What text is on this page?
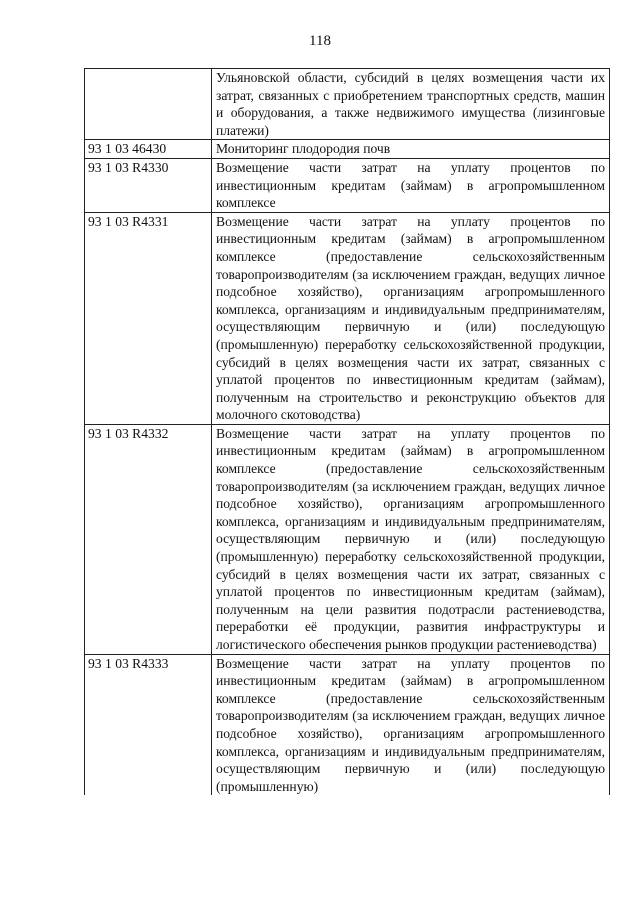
118
	Ульяновской области, субсидий в целях возмещения части их затрат, связанных с приобретением транспортных средств, машин и оборудования, а также недвижимого имущества (лизинговые платежи)
93 1 03 46430	Мониторинг плодородия почв
93 1 03 R4330	Возмещение части затрат на уплату процентов по инвестиционным кредитам (займам) в агропромышленном комплексе
93 1 03 R4331	Возмещение части затрат на уплату процентов по инвестиционным кредитам (займам) в агропромышленном комплексе (предоставление сельскохозяйственным товаропроизводителям (за исключением граждан, ведущих личное подсобное хозяйство), организациям агропромышленного комплекса, организациям и индивидуальным предпринимателям, осуществляющим первичную и (или) последующую (промышленную) переработку сельскохозяйственной продукции, субсидий в целях возмещения части их затрат, связанных с уплатой процентов по инвестиционным кредитам (займам), полученным на строительство и реконструкцию объектов для молочного скотоводства)
93 1 03 R4332	Возмещение части затрат на уплату процентов по инвестиционным кредитам (займам) в агропромышленном комплексе (предоставление сельскохозяйственным товаропроизводителям (за исключением граждан, ведущих личное подсобное хозяйство), организациям агропромышленного комплекса, организациям и индивидуальным предпринимателям, осуществляющим первичную и (или) последующую (промышленную) переработку сельскохозяйственной продукции, субсидий в целях возмещения части их затрат, связанных с уплатой процентов по инвестиционным кредитам (займам), полученным на цели развития подотрасли растениеводства, переработки её продукции, развития инфраструктуры и логистического обеспечения рынков продукции растениеводства)
93 1 03 R4333	Возмещение части затрат на уплату процентов по инвестиционным кредитам (займам) в агропромышленном комплексе (предоставление сельскохозяйственным товаропроизводителям (за исключением граждан, ведущих личное подсобное хозяйство), организациям агропромышленного комплекса, организациям и индивидуальным предпринимателям, осуществляющим первичную и (или) последующую (промышленную)
